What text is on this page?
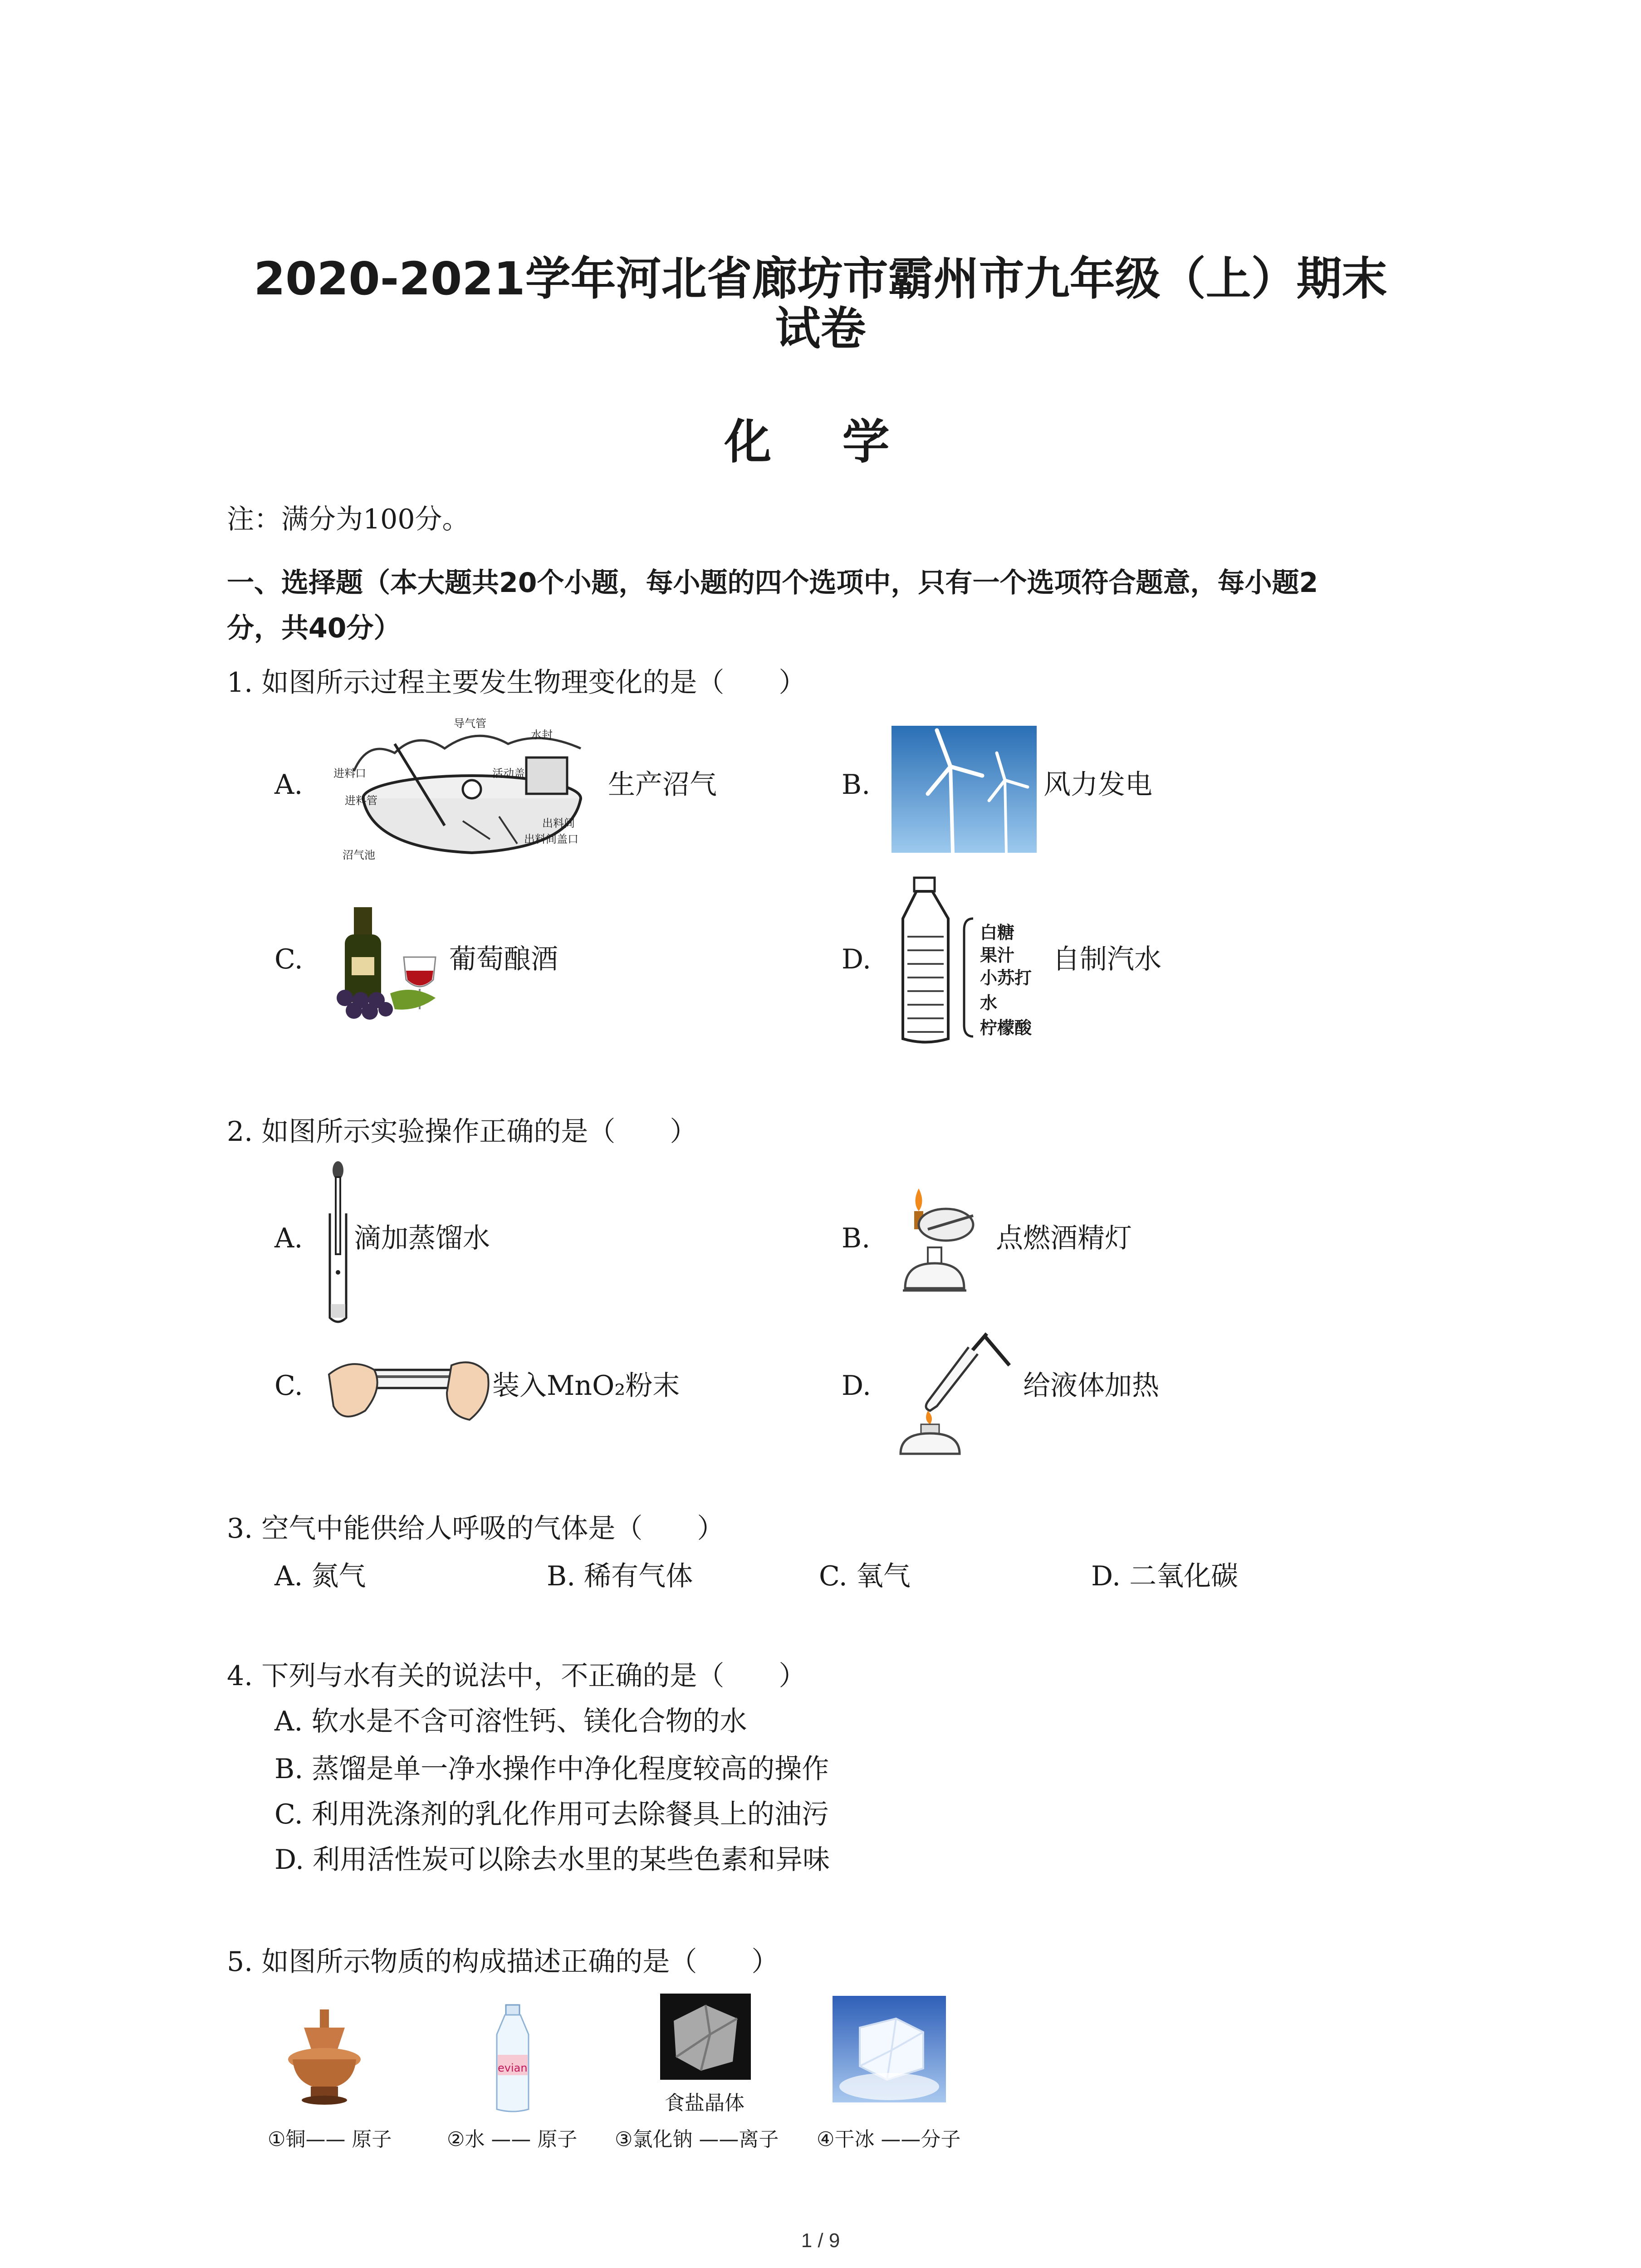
2020-2021学年河北省廊坊市霸州市九年级（上）期末
试卷
化 学
注：满分为100分。
一、选择题（本大题共20个小题，每小题的四个选项中，只有一个选项符合题意，每小题2
分，共40分）
1. 如图所示过程主要发生物理变化的是（　　）
A.
导气管
水封
进料口	活动盖
进料管
出料间
出料间盖口
沼气池
生产沼气	B.	风力发电
C.	葡萄酿酒	D.
白糖
果汁
小苏打
水
柠檬酸
自制汽水
2. 如图所示实验操作正确的是（　　）
A. 滴加蒸馏水	B.	点燃酒精灯
C.	装入MnO₂粉末	D.	给液体加热
3. 空气中能供给人呼吸的气体是（　　）
A. 氮气	B. 稀有气体	C. 氧气	D. 二氧化碳
4. 下列与水有关的说法中，不正确的是（　　）
A. 软水是不含可溶性钙、镁化合物的水
B. 蒸馏是单一净水操作中净化程度较高的操作
C. 利用洗涤剂的乳化作用可去除餐具上的油污
D. 利用活性炭可以除去水里的某些色素和异味
5. 如图所示物质的构成描述正确的是（　　）
evian
食盐晶体
①铜—— 原子	②水 —— 原子 ③氯化钠 ——离子 ④干冰 ——分子
1 / 9
